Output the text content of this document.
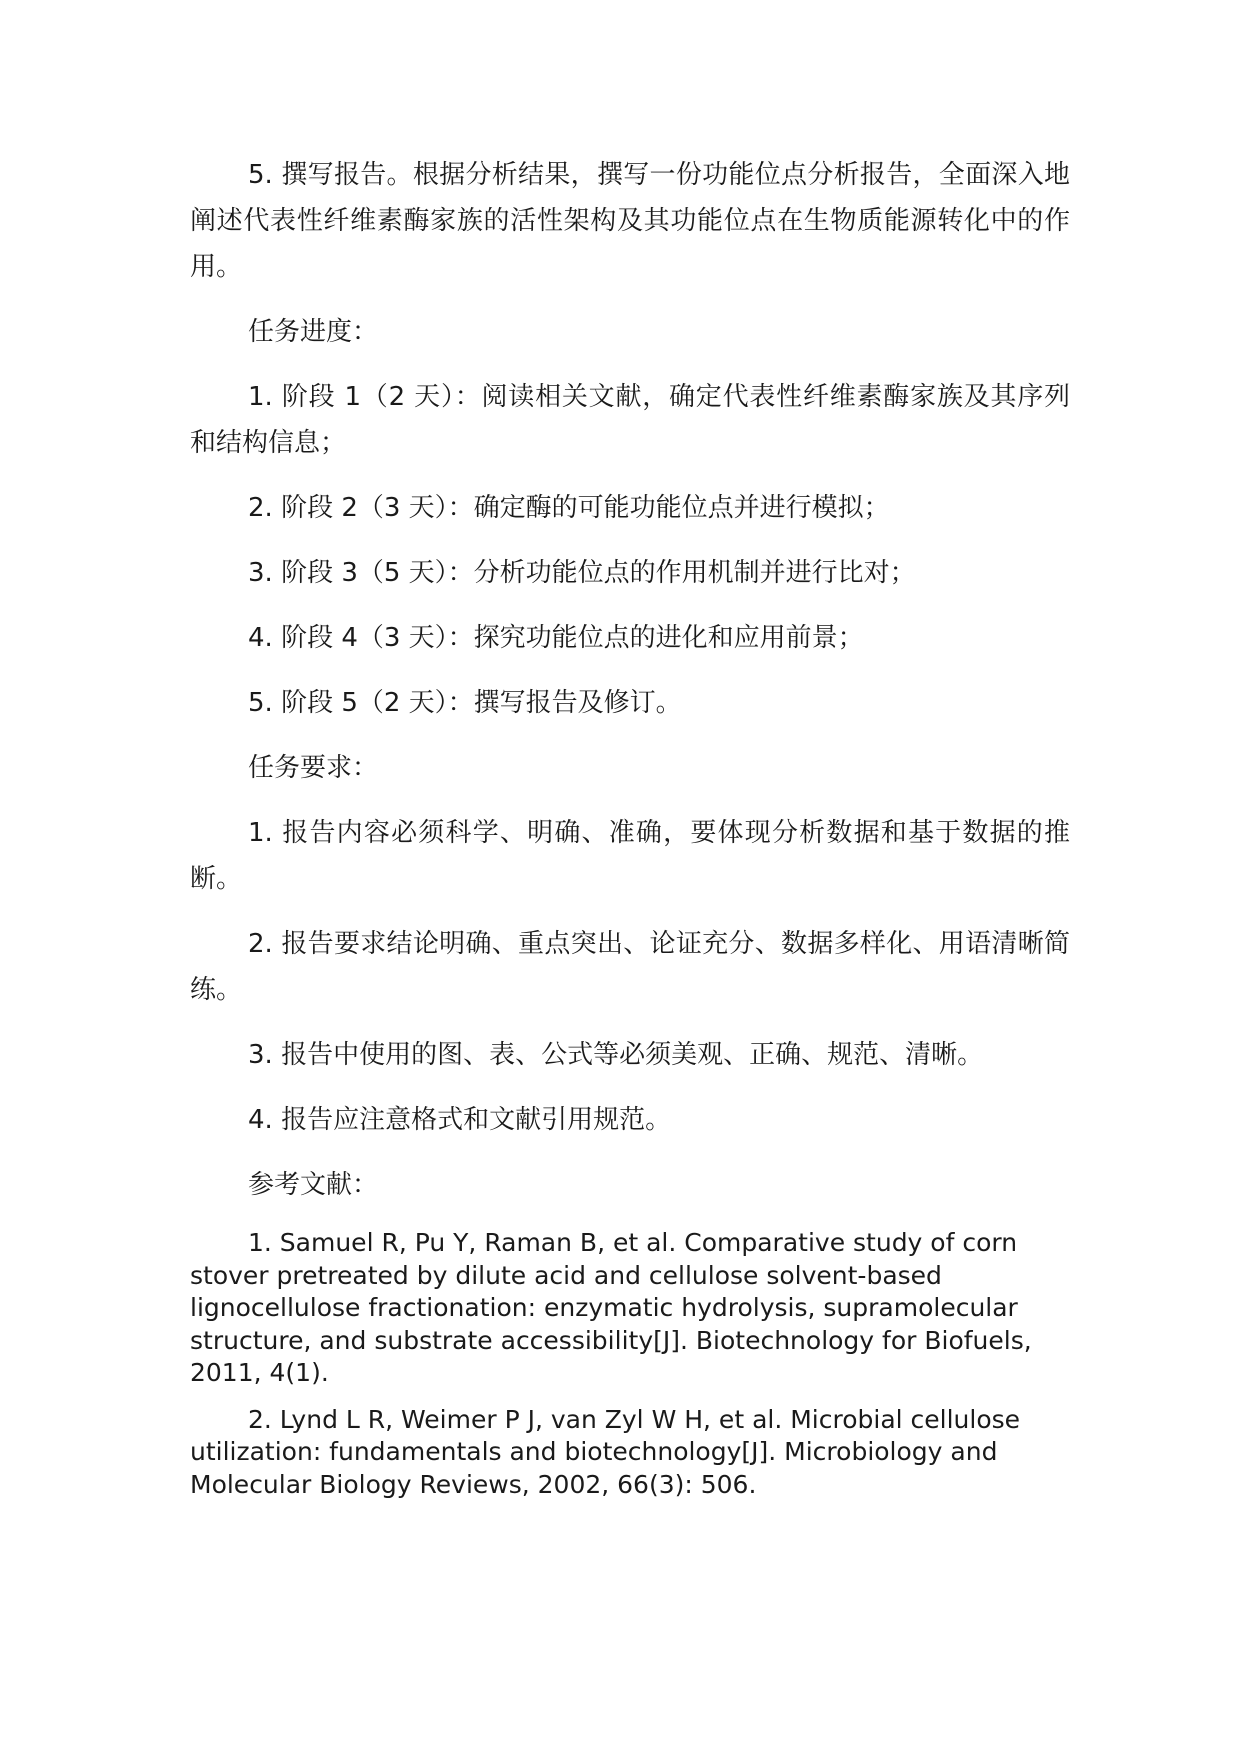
5. 撰写报告。根据分析结果，撰写一份功能位点分析报告，全面深入地阐述代表性纤维素酶家族的活性架构及其功能位点在生物质能源转化中的作用。

任务进度：

1. 阶段 1（2 天）：阅读相关文献，确定代表性纤维素酶家族及其序列和结构信息；

2. 阶段 2（3 天）：确定酶的可能功能位点并进行模拟；

3. 阶段 3（5 天）：分析功能位点的作用机制并进行比对；

4. 阶段 4（3 天）：探究功能位点的进化和应用前景；

5. 阶段 5（2 天）：撰写报告及修订。

任务要求：

1. 报告内容必须科学、明确、准确，要体现分析数据和基于数据的推断。

2. 报告要求结论明确、重点突出、论证充分、数据多样化、用语清晰简练。

3. 报告中使用的图、表、公式等必须美观、正确、规范、清晰。

4. 报告应注意格式和文献引用规范。

参考文献：

1. Samuel R, Pu Y, Raman B, et al. Comparative study of corn stover pretreated by dilute acid and cellulose solvent-based lignocellulose fractionation: enzymatic hydrolysis, supramolecular structure, and substrate accessibility[J]. Biotechnology for Biofuels, 2011, 4(1).

2. Lynd L R, Weimer P J, van Zyl W H, et al. Microbial cellulose utilization: fundamentals and biotechnology[J]. Microbiology and Molecular Biology Reviews, 2002, 66(3): 506.
